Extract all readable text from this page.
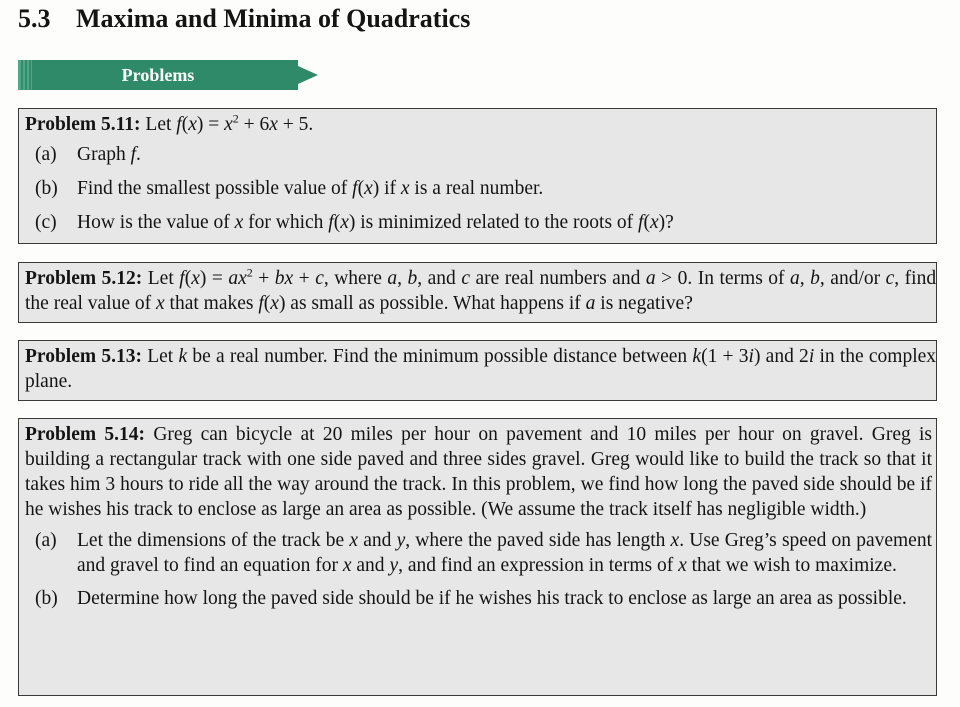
5.3 Maxima and Minima of Quadratics
Problems

Problem 5.11: Let $f(x) = x^2 + 6x + 5$.

(a)	Graph f.
(b) Find the smallest possible value of f(x) if x is a real number.
(c)	How is the value of x for which f(x) is minimized related to the roots of f(x)?

Problem 5.12: Let $f(x) = ax^2$ + bx + c, where a, b, and c are real numbers and a > 0. In terms of a, b, and/or c, find the real value of x that makes f(x) as small as possible. What happens if a is negative?

Problem 5.13: Let k be a real number. Find the minimum possible distance between k(1 + 3i) and 2i in the complex plane.

Problem 5.14: Greg can bicycle at 20 miles per hour on pavement and 10 miles per hour on gravel. Greg is building a rectangular track with one side paved and three sides gravel. Greg would like to build the track so that it takes him 3 hours to ride all the way around the track. In this problem, we find how long the paved side should be if he wishes his track to enclose as large an area as possible. (We assume the track itself has negligible width.)

(a)	Let the dimensions of the track be x and y, where the paved side has length x. Use Greg’s speed on pavement and gravel to find an equation for x and y, and find an expression in terms of x that we wish to maximize.
(b) Determine how long the paved side should be if he wishes his track to enclose as large an area as possible.
